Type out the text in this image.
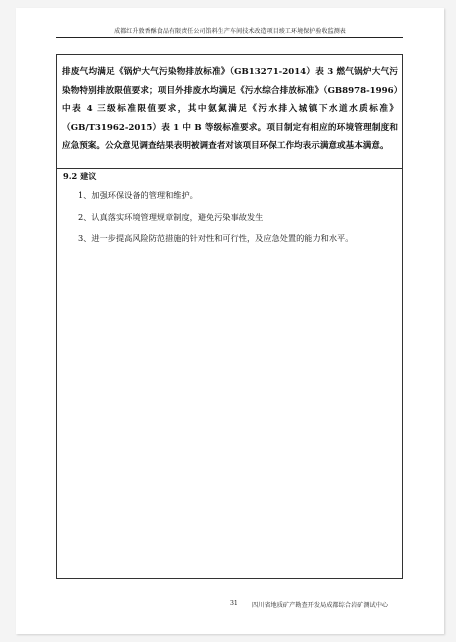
成都红升敦香酥食品有限责任公司馅料生产车间技术改造项目竣工环境保护验收监测表

排废气均满足《锅炉大气污染物排放标准》（GB13271-2014）表 3 燃气锅炉大气污染物特别排放限值要求；项目外排废水均满足《污水综合排放标准》（GB8978-1996）中表 4 三级标准限值要求，其中氨氮满足《污水排入城镇下水道水质标准》（GB/T31962-2015）表 1 中 B 等级标准要求。项目制定有相应的环境管理制度和应急预案。公众意见调查结果表明被调查者对该项目环保工作均表示满意或基本满意。

9.2 建议
1、加强环保设备的管理和维护。
2、认真落实环境管理规章制度，避免污染事故发生
3、进一步提高风险防范措施的针对性和可行性，及应急处置的能力和水平。
31 四川省地质矿产勘查开发局成都综合岩矿测试中心
